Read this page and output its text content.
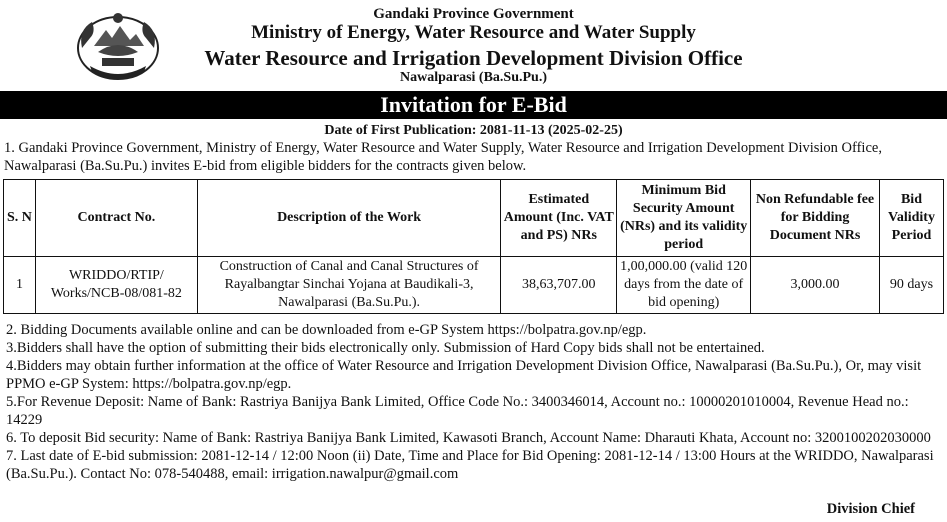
Gandaki Province Government
Ministry of Energy, Water Resource and Water Supply
Water Resource and Irrigation Development Division Office
Nawalparasi (Ba.Su.Pu.)
Invitation for E-Bid
Date of First Publication: 2081-11-13 (2025-02-25)
1. Gandaki Province Government, Ministry of Energy, Water Resource and Water Supply, Water Resource and Irrigation Development Division Office, Nawalparasi (Ba.Su.Pu.) invites E-bid from eligible bidders for the contracts given below.
S. N	Contract No.	Description of the Work	Estimated Amount (Inc. VAT and PS) NRs	Minimum Bid Security Amount (NRs) and its validity period	Non Refundable fee for Bidding Document NRs	Bid Validity Period
1	WRIDDO/RTIP/ Works/NCB-08/081-82	Construction of Canal and Canal Structures of Rayalbangtar Sinchai Yojana at Baudikali-3, Nawalparasi (Ba.Su.Pu.).	38,63,707.00	1,00,000.00 (valid 120 days from the date of bid opening)	3,000.00	90 days

2. Bidding Documents available online and can be downloaded from e-GP System https://bolpatra.gov.np/egp.

3.Bidders shall have the option of submitting their bids electronically only. Submission of Hard Copy bids shall not be entertained.

4.Bidders may obtain further information at the office of Water Resource and Irrigation Development Division Office, Nawalparasi (Ba.Su.Pu.), Or, may visit PPMO e-GP System: https://bolpatra.gov.np/egp.

5.For Revenue Deposit: Name of Bank: Rastriya Banijya Bank Limited, Office Code No.: 3400346014, Account no.: 10000201010004, Revenue Head no.: 14229

6. To deposit Bid security: Name of Bank: Rastriya Banijya Bank Limited, Kawasoti Branch, Account Name: Dharauti Khata, Account no: 3200100202030000

7. Last date of E-bid submission: 2081-12-14 / 12:00 Noon (ii) Date, Time and Place for Bid Opening: 2081-12-14 / 13:00 Hours at the WRIDDO, Nawalparasi (Ba.Su.Pu.). Contact No: 078-540488, email: irrigation.nawalpur@gmail.com

Division Chief
